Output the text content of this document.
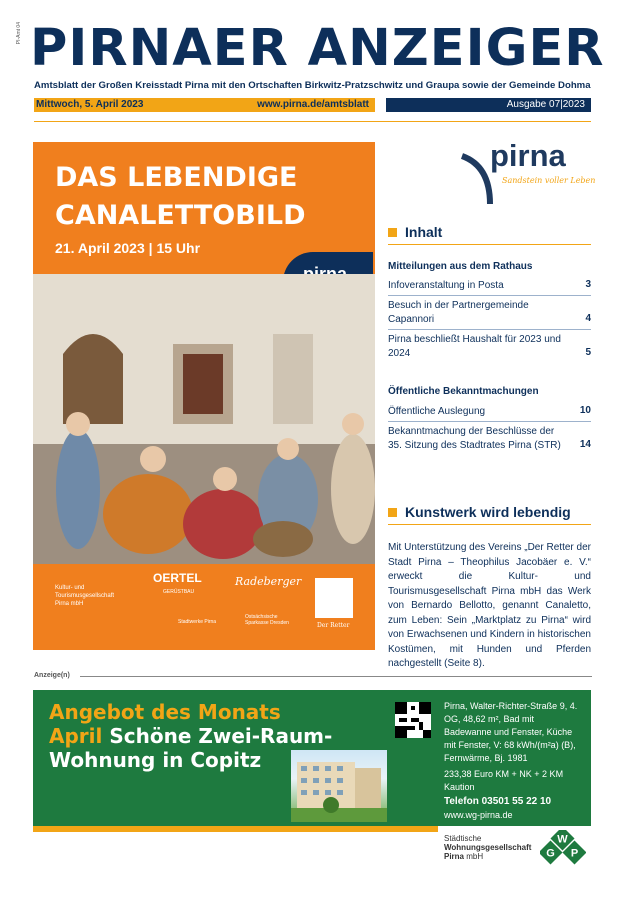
PI-Amt 04 PIRNAER ANZEIGER
Amtsblatt der Großen Kreisstadt Pirna mit den Ortschaften Birkwitz-Pratzschwitz und Graupa sowie der Gemeinde Dohma
Mittwoch, 5. April 2023	www.pirna.de/amtsblatt	Ausgabe 07|2023
DAS LEBENDIGE
CANALETTOBILD
21. April 2023 | 15 Uhr
Kultur- und
Tourismusgesellschaft
Pirna mbH
OERTEL
GERÜSTBAU
Radeberger
Stadtwerke Pirna
Ostsächsische
Sparkasse Dresden	Der Retter
pirna
Sandstein voller Leben
Inhalt
Mitteilungen aus dem Rathaus
Infoveranstaltung in Posta	3
Besuch in der Partnergemeinde Capannori	4
Pirna beschließt Haushalt für 2023 und 2024	5
Öffentliche Bekanntmachungen
Öffentliche Auslegung	10
Bekanntmachung der Beschlüsse der 35. Sitzung des Stadtrates Pirna (STR)	14
Kunstwerk wird lebendig
Mit Unterstützung des Vereins „Der Retter der Stadt Pirna – Theophilus Jacobäer e. V.“ erweckt die Kultur- und Tourismusgesellschaft Pirna mbH das Werk von Bernardo Bellotto, genannt Canaletto, zum Leben: Sein „Marktplatz zu Pirna“ wird von Erwachsenen und Kindern in historischen Kostümen, mit Hunden und Pferden nachgestellt (Seite 8).
Anzeige(n)
Angebot des Monats
April Schöne Zwei-Raum-
Wohnung in Copitz
Pirna, Walter-Richter-Straße 9, 4. OG, 48,62 m², Bad mit Badewanne und Fenster, Küche mit Fenster, V: 68 kWh/(m²a) (B), Fernwärme, Bj. 1981
233,38 Euro KM + NK + 2 KM Kaution
Telefon 03501 55 22 10
www.wg-pirna.de
Städtische
Wohnungsgesellschaft
Pirna mbH
W
G P
